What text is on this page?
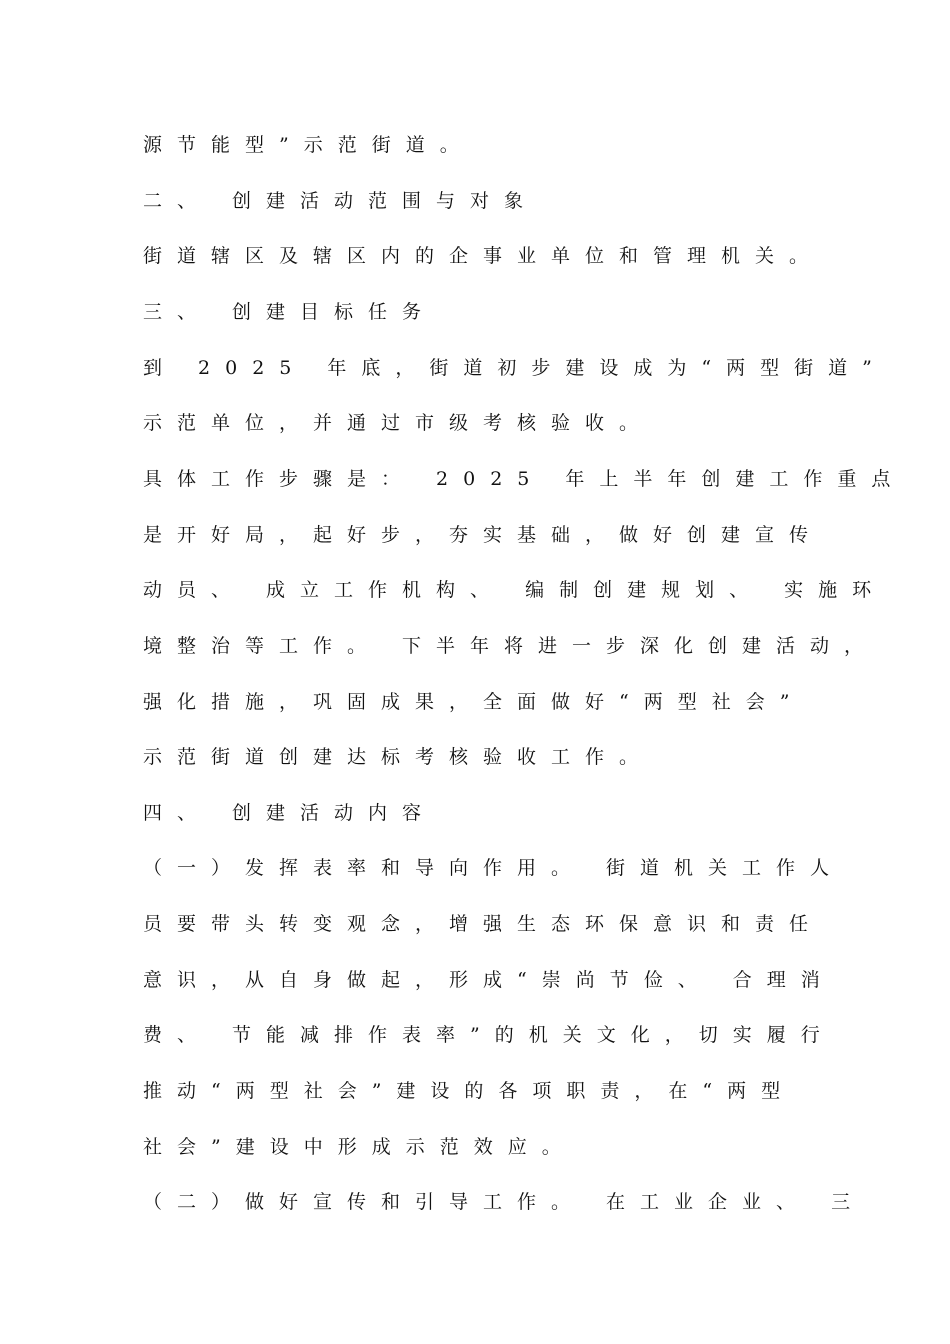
源节能型”示范街道。

二、 创建活动范围与对象

街道辖区及辖区内的企事业单位和管理机关。

三、 创建目标任务

到 2025 年底，街道初步建设成为“两型街道”

示范单位，并通过市级考核验收。

具体工作步骤是： 2025 年上半年创建工作重点

是开好局，起好步，夯实基础，做好创建宣传

动员、 成立工作机构、 编制创建规划、 实施环

境整治等工作。 下半年将进一步深化创建活动，

强化措施，巩固成果，全面做好“两型社会”

示范街道创建达标考核验收工作。

四、 创建活动内容

（一）发挥表率和导向作用。 街道机关工作人

员要带头转变观念，增强生态环保意识和责任

意识，从自身做起，形成“崇尚节俭、 合理消

费、 节能减排作表率”的机关文化，切实履行

推动“两型社会”建设的各项职责，在“两型

社会”建设中形成示范效应。

（二）做好宣传和引导工作。 在工业企业、 三
